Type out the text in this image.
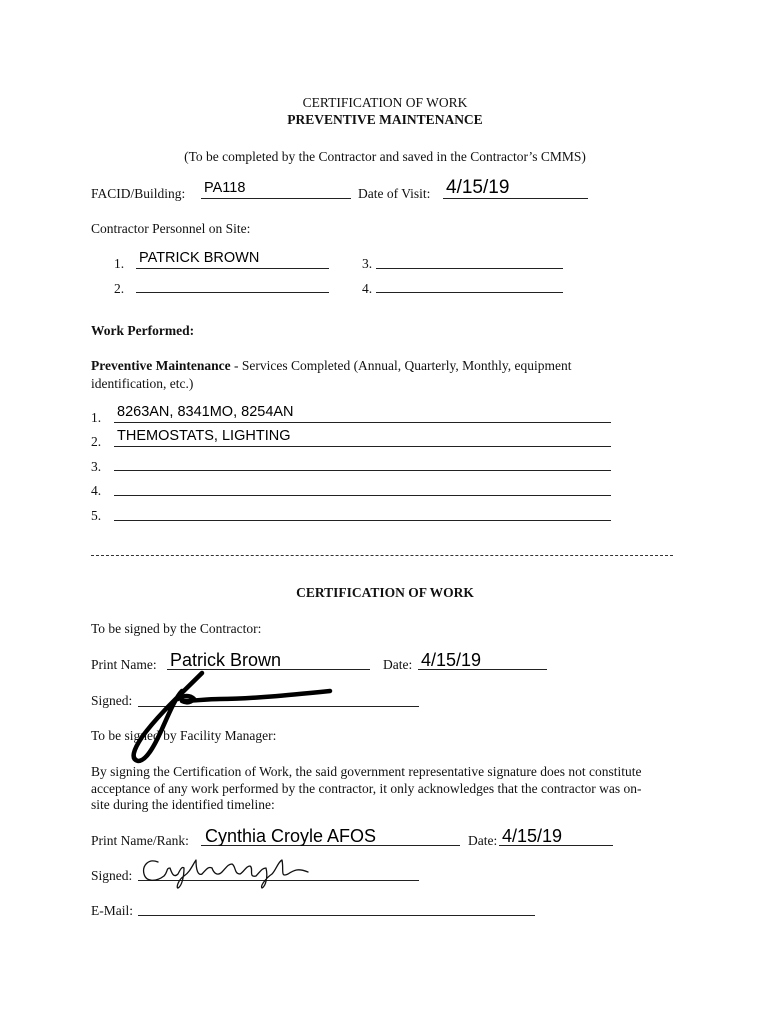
CERTIFICATION OF WORK
PREVENTIVE MAINTENANCE
(To be completed by the Contractor and saved in the Contractor’s CMMS)
FACID/Building: PA118	Date of Visit: 4/15/19
Contractor Personnel on Site:
1. PATRICK BROWN	3.
2.	4.
Work Performed:
Preventive Maintenance - Services Completed (Annual, Quarterly, Monthly, equipment
identification, etc.)
1. 8263AN, 8341MO, 8254AN
2. THEMOSTATS, LIGHTING
3.
4.
5.
CERTIFICATION OF WORK
To be signed by the Contractor:
Print Name: Patrick Brown	Date: 4/15/19
Signed:
To be signed by Facility Manager:
By signing the Certification of Work, the said government representative signature does not constitute acceptance of any work performed by the contractor, it only acknowledges that the contractor was on-site during the identified timeline:
Print Name/Rank: Cynthia Croyle AFOS	Date: 4/15/19
Signed:
E-Mail:
